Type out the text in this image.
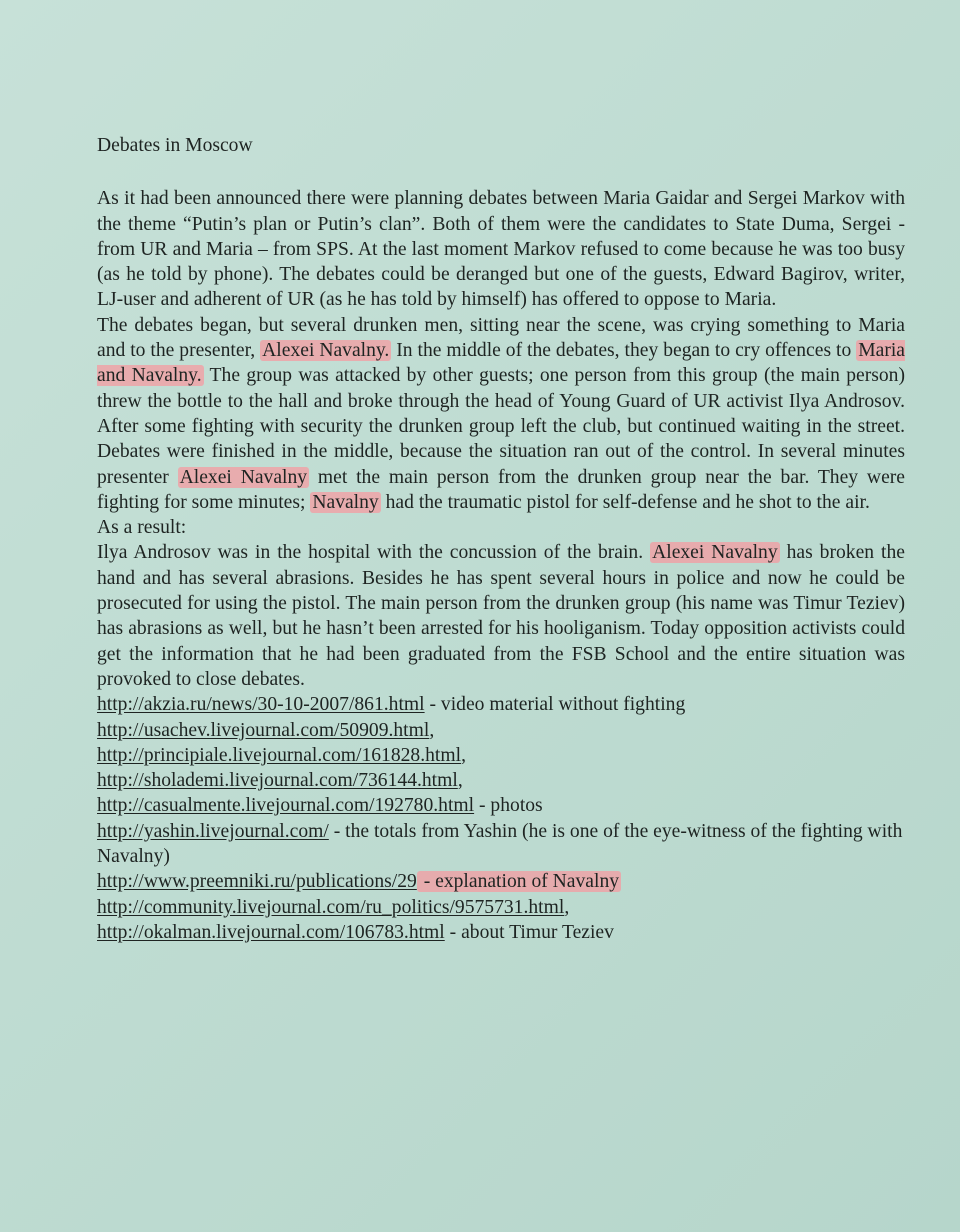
Debates in Moscow

As it had been announced there were planning debates between Maria Gaidar and Sergei Markov with the theme “Putin’s plan or Putin’s clan”. Both of them were the candidates to State Duma, Sergei - from UR and Maria – from SPS. At the last moment Markov refused to come because he was too busy (as he told by phone). The debates could be deranged but one of the guests, Edward Bagirov, writer, LJ-user and adherent of UR (as he has told by himself) has offered to oppose to Maria.

The debates began, but several drunken men, sitting near the scene, was crying something to Maria and to the presenter, Alexei Navalny. In the middle of the debates, they began to cry offences to Maria and Navalny. The group was attacked by other guests; one person from this group (the main person) threw the bottle to the hall and broke through the head of Young Guard of UR activist Ilya Androsov. After some fighting with security the drunken group left the club, but continued waiting in the street. Debates were finished in the middle, because the situation ran out of the control. In several minutes presenter Alexei Navalny met the main person from the drunken group near the bar. They were fighting for some minutes; Navalny had the traumatic pistol for self-defense and he shot to the air.

As a result:

Ilya Androsov was in the hospital with the concussion of the brain. Alexei Navalny has broken the hand and has several abrasions. Besides he has spent several hours in police and now he could be prosecuted for using the pistol. The main person from the drunken group (his name was Timur Teziev) has abrasions as well, but he hasn’t been arrested for his hooliganism. Today opposition activists could get the information that he had been graduated from the FSB School and the entire situation was provoked to close debates.

http://akzia.ru/news/30-10-2007/861.html - video material without fighting
http://usachev.livejournal.com/50909.html,
http://principiale.livejournal.com/161828.html,
http://sholademi.livejournal.com/736144.html,
http://casualmente.livejournal.com/192780.html - photos
http://yashin.livejournal.com/ - the totals from Yashin (he is one of the eye-witness of the fighting with Navalny)
http://www.preemniki.ru/publications/29 - explanation of Navalny
http://community.livejournal.com/ru_politics/9575731.html,
http://okalman.livejournal.com/106783.html - about Timur Teziev
